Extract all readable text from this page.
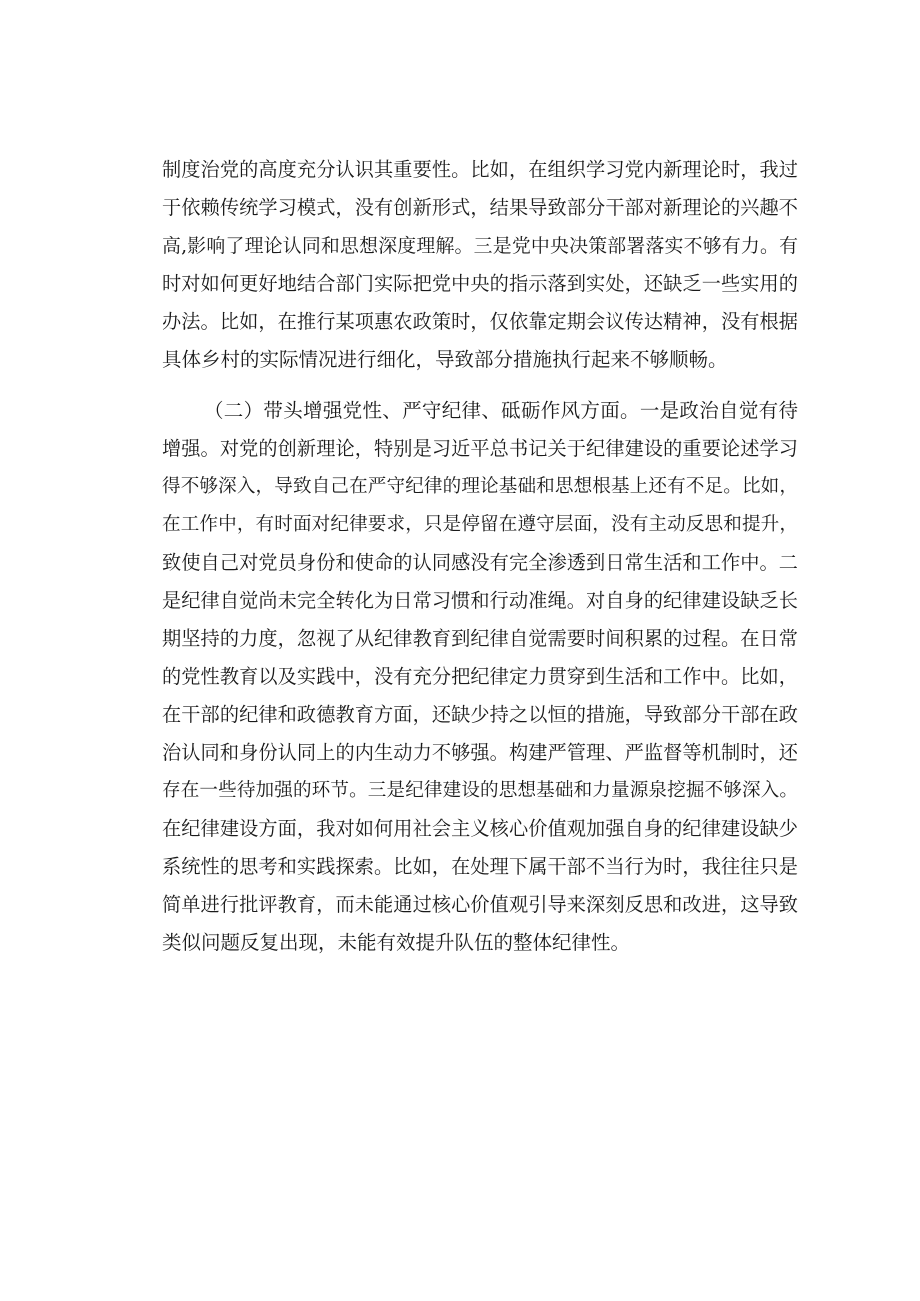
制度治党的高度充分认识其重要性。比如，在组织学习党内新理论时，我过

于依赖传统学习模式，没有创新形式，结果导致部分干部对新理论的兴趣不

高,影响了理论认同和思想深度理解。三是党中央决策部署落实不够有力。有

时对如何更好地结合部门实际把党中央的指示落到实处，还缺乏一些实用的

办法。比如，在推行某项惠农政策时，仅依靠定期会议传达精神，没有根据

具体乡村的实际情况进行细化，导致部分措施执行起来不够顺畅。

（二）带头增强党性、严守纪律、砥砺作风方面。一是政治自觉有待

增强。对党的创新理论，特别是习近平总书记关于纪律建设的重要论述学习

得不够深入，导致自己在严守纪律的理论基础和思想根基上还有不足。比如，

在工作中，有时面对纪律要求，只是停留在遵守层面，没有主动反思和提升，

致使自己对党员身份和使命的认同感没有完全渗透到日常生活和工作中。二

是纪律自觉尚未完全转化为日常习惯和行动准绳。对自身的纪律建设缺乏长

期坚持的力度，忽视了从纪律教育到纪律自觉需要时间积累的过程。在日常

的党性教育以及实践中，没有充分把纪律定力贯穿到生活和工作中。比如，

在干部的纪律和政德教育方面，还缺少持之以恒的措施，导致部分干部在政

治认同和身份认同上的内生动力不够强。构建严管理、严监督等机制时，还

存在一些待加强的环节。三是纪律建设的思想基础和力量源泉挖掘不够深入。

在纪律建设方面，我对如何用社会主义核心价值观加强自身的纪律建设缺少

系统性的思考和实践探索。比如，在处理下属干部不当行为时，我往往只是

简单进行批评教育，而未能通过核心价值观引导来深刻反思和改进，这导致

类似问题反复出现，未能有效提升队伍的整体纪律性。
